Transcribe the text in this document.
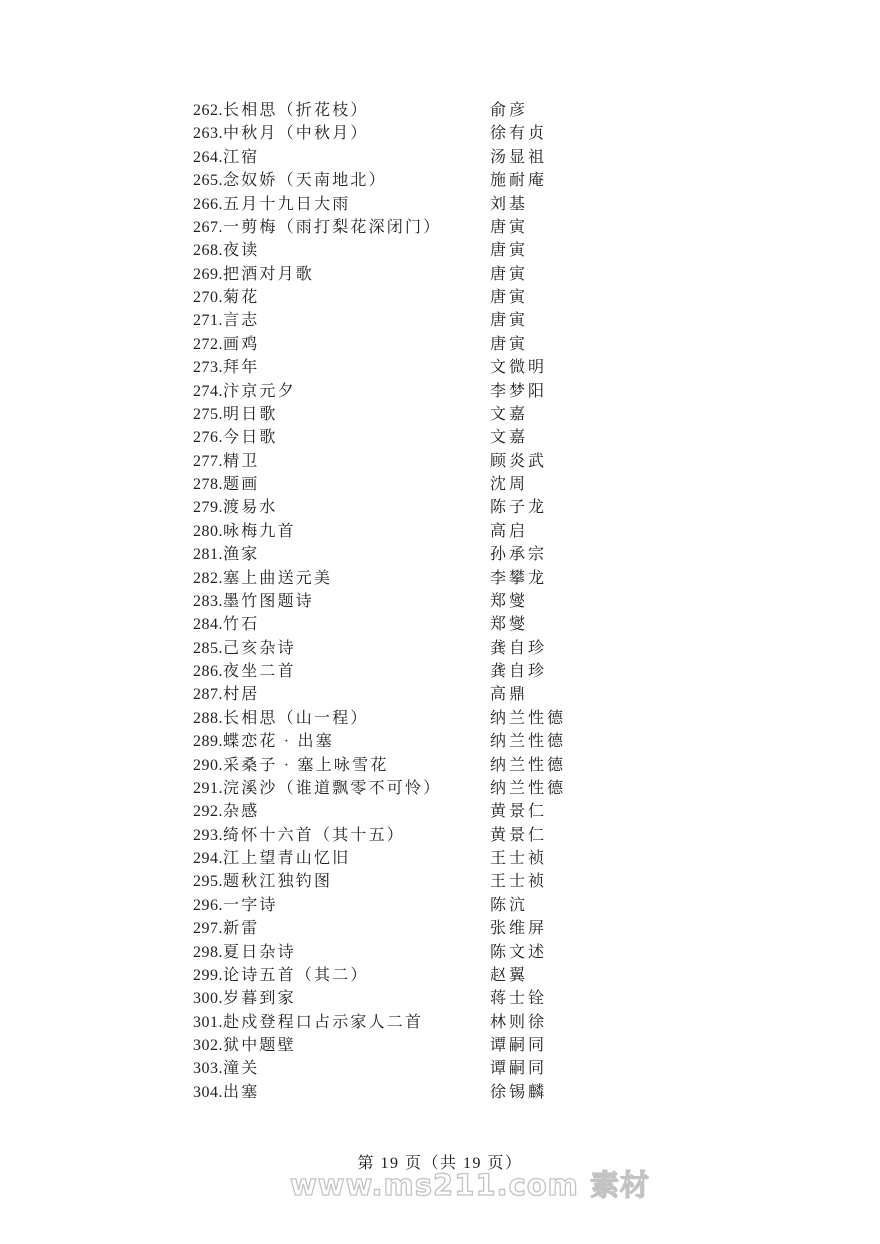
262.长相思（折花枝）	俞彦
263.中秋月（中秋月）	徐有贞
264.江宿	汤显祖
265.念奴娇（天南地北）	施耐庵
266.五月十九日大雨	刘基
267.一剪梅（雨打梨花深闭门）	唐寅
268.夜读	唐寅
269.把酒对月歌	唐寅
270.菊花	唐寅
271.言志	唐寅
272.画鸡	唐寅
273.拜年	文微明
274.汴京元夕	李梦阳
275.明日歌	文嘉
276.今日歌	文嘉
277.精卫	顾炎武
278.题画	沈周
279.渡易水	陈子龙
280.咏梅九首	高启
281.渔家	孙承宗
282.塞上曲送元美	李攀龙
283.墨竹图题诗	郑燮
284.竹石	郑燮
285.己亥杂诗	龚自珍
286.夜坐二首	龚自珍
287.村居	高鼎
288.长相思（山一程）	纳兰性德
289.蝶恋花 · 出塞	纳兰性德
290.采桑子 · 塞上咏雪花	纳兰性德
291.浣溪沙（谁道飘零不可怜）	纳兰性德
292.杂感	黄景仁
293.绮怀十六首（其十五）	黄景仁
294.江上望青山忆旧	王士祯
295.题秋江独钓图	王士祯
296.一字诗	陈沆
297.新雷	张维屏
298.夏日杂诗	陈文述
299.论诗五首（其二）	赵翼
300.岁暮到家	蒋士铨
301.赴戍登程口占示家人二首	林则徐
302.狱中题壁	谭嗣同
303.潼关	谭嗣同
304.出塞	徐锡麟
第 19 页（共 19 页）
www.ms211.com 素材
